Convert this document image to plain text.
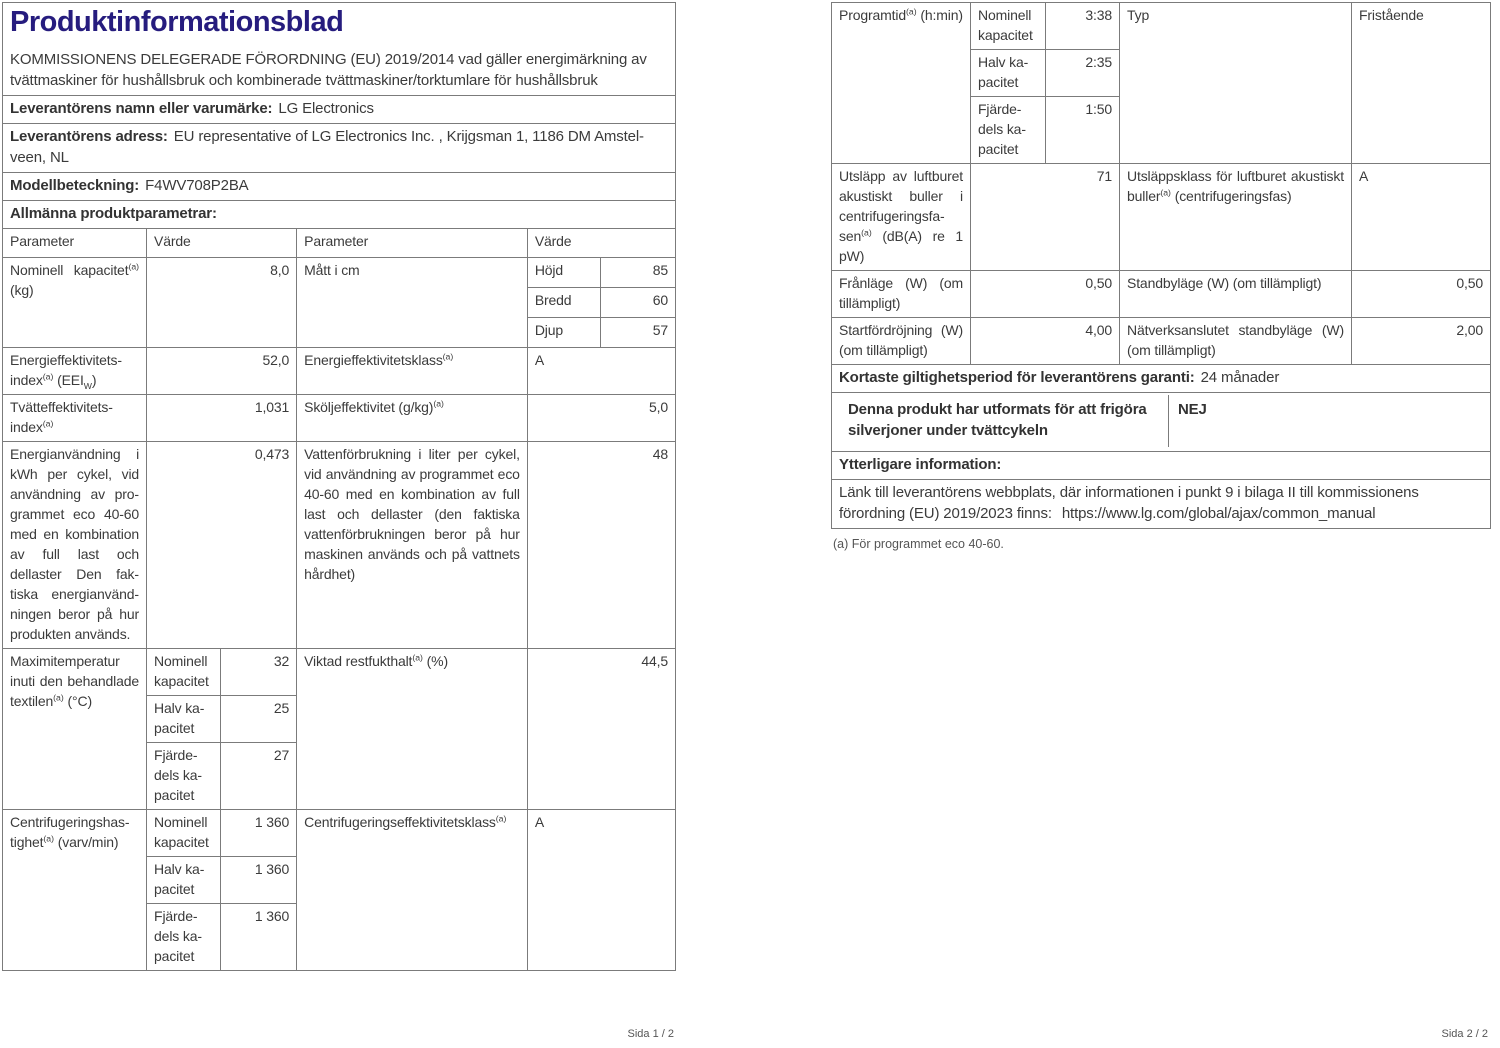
Produktinformationsblad

KOMMISSIONENS DELEGERADE FÖRORDNING (EU) 2019/2014 vad gäller energimärkning av tvättmaskiner för hushållsbruk och kombinerade tvättmaskiner/torktumlare för hushållsbruk

Leverantörens namn eller varumärke: LG Electronics					
Leverantörens adress: EU representative of LG Electronics Inc. , Krijgsman 1, 1186 DM Amstelveen, NL					
Modellbeteckning: F4WV708P2BA					
Allmänna produktparametrar:					
Parameter	Värde		Parameter	Värde	
Nominell kapacitet$^{(a)}$ (kg)	8,0		Mått i cm	Höjd	85
				Bredd	60
				Djup	57
Energieffektivitetsindex$^{(a)}$ $(EEI_W)$	52,0		Energieffektivitetsklass$^{(a)}$	A	
Tvätteffektivitetsindex$^{(a)}$	1,031		Sköljeffektivitet $(g/kg)^{(a)}$	5,0	
Energianvändning i kWh per cykel, vid användning av programmet eco 40-60 med en kombination av full last och dellaster Den faktiska energianvändningen beror på hur produkten används.	0,473		Vattenförbrukning i liter per cykel, vid användning av programmet eco 40-60 med en kombination av full last och dellaster (den faktiska vattenförbrukningen beror på hur maskinen används och på vattnets hårdhet)	48	
Maximitemperatur inuti den behandlade textilen$^{(a)}$ (°C)	Nominell kapacitet	32	Viktad restfukthalt$^{(a)}$ (%)	44,5	
	Halv kapacitet	25			
	Fjärdedels kapacitet	27			
Centrifugeringshastighet$^{(a)}$ (varv/min)	Nominell kapacitet	1 360	Centrifugeringseffektivitetsklass$^{(a)}$	A	
	Halv kapacitet	1 360			
	Fjärdedels kapacitet	1 360			
Sida 1 / 2
Programtid$^{(a)}$ (h:min)	Nominell kapacitet	3:38	Typ	Fristående
	Halv kapacitet	2:35		
	Fjärdedels kapacitet	1:50		
Utsläpp av luftburet akustiskt buller i centrifugeringsfasen$^{(a)}$ (dB(A) re 1 pW)	71		Utsläppsklass för luftburet akustiskt buller$^{(a)}$ (centrifugeringsfas)	A
Frånläge (W) (om tillämpligt)	0,50		Standbyläge (W) (om tillämpligt)	0,50
Startfördröjning (W) (om tillämpligt)	4,00		Nätverksanslutet standbyläge (W) (om tillämpligt)	2,00
Kortaste giltighetsperiod för leverantörens garanti: 24 månader				

Denna produkt har utformats för att frigöra silverjoner under tvättcykeln
NEJ				

Ytterligare information:				
Länk till leverantörens webbplats, där informationen i punkt 9 i bilaga II till kommissionens förordning (EU) 2019/2023 finns: https://www.lg.com/global/ajax/common_manual				
(a) För programmet eco 40-60.
Sida 2 / 2
